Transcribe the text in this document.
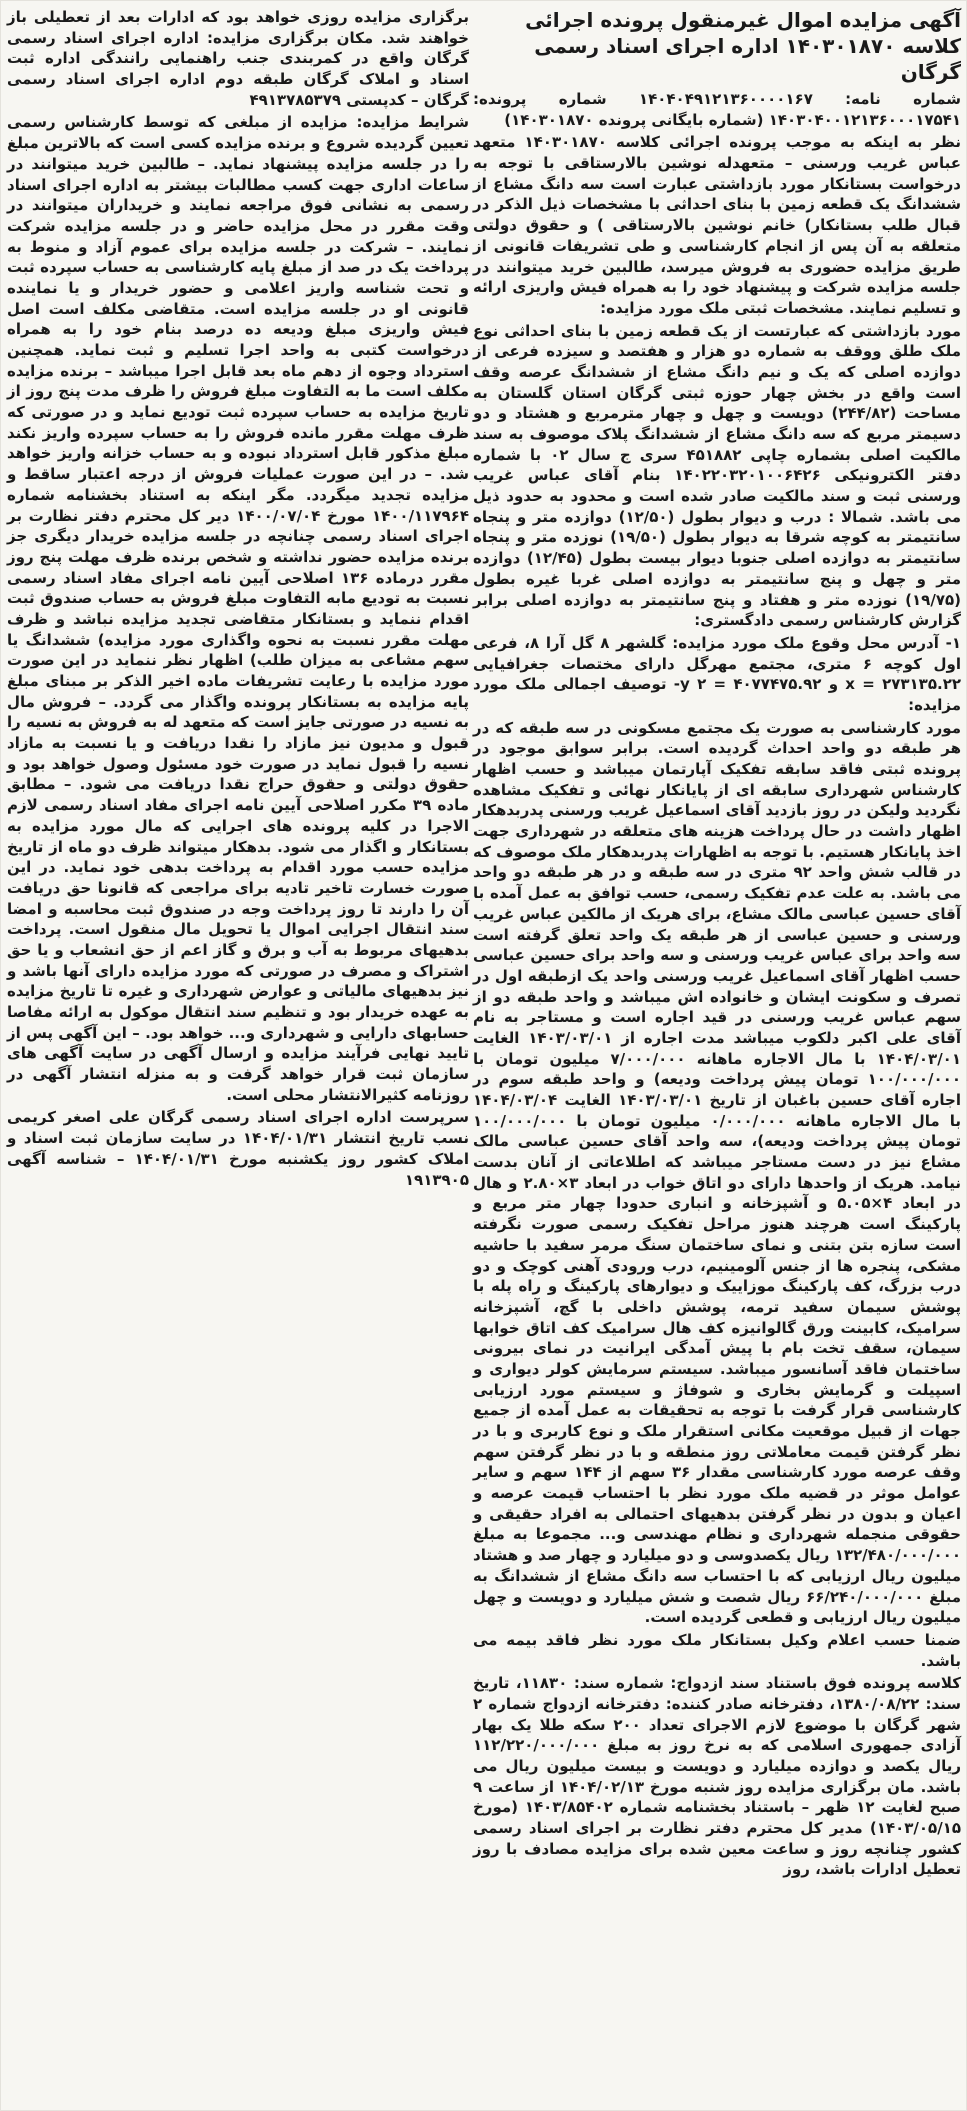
آگهی مزایده اموال غیرمنقول پرونده اجرائی کلاسه ۱۴۰۳۰۱۸۷۰ اداره اجرای اسناد رسمی گرگان

شماره نامه: ۱۴۰۴۰۴۹۱۲۱۳۶۰۰۰۰۱۶۷ شماره پرونده: ۱۴۰۳۰۴۰۰۱۲۱۳۶۰۰۰۱۷۵۴۱ (شماره بایگانی پرونده ۱۴۰۳۰۱۸۷۰)

نظر به اینکه به موجب پرونده اجرائی کلاسه ۱۴۰۳۰۱۸۷۰ متعهد عباس غریب ورسنی – متعهدله نوشین بالارستاقی با توجه به درخواست بستانکار مورد بازداشتی عبارت است سه دانگ مشاع از ششدانگ یک قطعه زمین با بنای احداثی با مشخصات ذیل الذکر در قبال طلب بستانکار) خانم نوشین بالارستاقی ) و حقوق دولتی متعلقه به آن پس از انجام کارشناسی و طی تشریفات قانونی از طریق مزایده حضوری به فروش میرسد، طالبین خرید میتوانند در جلسه مزایده شرکت و پیشنهاد خود را به همراه فیش واریزی ارائه و تسلیم نمایند. مشخصات ثبتی ملک مورد مزایده:

مورد بازداشتی که عبارتست از یک قطعه زمین با بنای احداثی نوع ملک طلق ووقف به شماره دو هزار و هفتصد و سیزده فرعی از دوازده اصلی که یک و نیم دانگ مشاع از ششدانگ عرصه وقف است واقع در بخش چهار حوزه ثبتی گرگان استان گلستان به مساحت (۲۴۴/۸۲) دویست و چهل و چهار مترمربع و هشتاد و دو دسیمتر مربع که سه دانگ مشاع از ششدانگ پلاک موصوف به سند مالکیت اصلی بشماره چاپی ۴۵۱۸۸۲ سری ج سال ۰۲ با شماره دفتر الکترونیکی ۱۴۰۲۲۰۳۲۰۱۰۰۶۴۲۶ بنام آقای عباس غریب ورسنی ثبت و سند مالکیت صادر شده است و محدود به حدود ذیل می باشد. شمالا : درب و دیوار بطول (۱۲/۵۰) دوازده متر و پنجاه سانتیمتر به کوچه شرقا به دیوار بطول (۱۹/۵۰) نوزده متر و پنجاه سانتیمتر به دوازده اصلی جنوبا دیوار بیست بطول (۱۲/۴۵) دوازده متر و چهل و پنج سانتیمتر به دوازده اصلی غربا غیره بطول (۱۹/۷۵) نوزده متر و هفتاد و پنج سانتیمتر به دوازده اصلی برابر گزارش کارشناس رسمی دادگستری:

۱- آدرس محل وقوع ملک مورد مزایده: گلشهر ۸ گل آرا ۸، فرعی اول کوچه ۶ متری، مجتمع مهرگل دارای مختصات جغرافیایی ۲۷۳۱۳۵.۲۲ = x و ۴۰۷۷۴۷۵.۹۲ = y ۲- توصیف اجمالی ملک مورد مزایده:

مورد کارشناسی به صورت یک مجتمع مسکونی در سه طبقه که در هر طبقه دو واحد احداث گردیده است. برابر سوابق موجود در پرونده ثبتی فاقد سابقه تفکیک آپارتمان میباشد و حسب اظهار کارشناس شهرداری سابقه ای از پایانکار نهائی و تفکیک مشاهده نگردید ولیکن در روز بازدید آقای اسماعیل غریب ورسنی پدربدهکار اظهار داشت در حال پرداخت هزینه های متعلقه در شهرداری جهت اخذ پایانکار هستیم. با توجه به اظهارات پدربدهکار ملک موصوف که در قالب شش واحد ۹۲ متری در سه طبقه و در هر طبقه دو واحد می باشد. به علت عدم تفکیک رسمی، حسب توافق به عمل آمده با آقای حسین عباسی مالک مشاع، برای هریک از مالکین عباس غریب ورسنی و حسین عباسی از هر طبقه یک واحد تعلق گرفته است سه واحد برای عباس غریب ورسنی و سه واحد برای حسین عباسی حسب اظهار آقای اسماعیل غریب ورسنی واحد یک ازطبقه اول در تصرف و سکونت ایشان و خانواده اش میباشد و واحد طبقه دو از سهم عباس غریب ورسنی در قید اجاره است و مستاجر به نام آقای علی اکبر دلکوب میباشد مدت اجاره از ۱۴۰۳/۰۳/۰۱ الغایت ۱۴۰۴/۰۳/۰۱ با مال الاجاره ماهانه ۷/۰۰۰/۰۰۰ میلیون تومان با ۱۰۰/۰۰۰/۰۰۰ تومان پیش پرداخت ودیعه) و واحد طبقه سوم در اجاره آقای حسین باغبان از تاریخ ۱۴۰۳/۰۳/۰۱ الغایت ۱۴۰۴/۰۳/۰۴ با مال الاجاره ماهانه ۰/۰۰۰/۰۰۰ میلیون تومان با ۱۰۰/۰۰۰/۰۰۰ تومان پیش پرداخت ودیعه)، سه واحد آقای حسین عباسی مالک مشاع نیز در دست مستاجر میباشد که اطلاعاتی از آنان بدست نیامد. هریک از واحدها دارای دو اتاق خواب در ابعاد ۳×۲.۸۰ و هال در ابعاد ۴×۵.۰۵ و آشپزخانه و انباری حدودا چهار متر مربع و پارکینگ است هرچند هنوز مراحل تفکیک رسمی صورت نگرفته است سازه بتن بتنی و نمای ساختمان سنگ مرمر سفید با حاشیه مشکی، پنجره ها از جنس آلومینیم، درب ورودی آهنی کوچک و دو درب بزرگ، کف پارکینگ موزاییک و دیوارهای پارکینگ و راه پله با پوشش سیمان سفید ترمه، پوشش داخلی با گچ، آشپزخانه سرامیک، کابینت ورق گالوانیزه کف هال سرامیک کف اتاق خوابها سیمان، سقف تخت بام با پیش آمدگی ایرانیت در نمای بیرونی ساختمان فاقد آسانسور میباشد. سیستم سرمایش کولر دیواری و اسپیلت و گرمایش بخاری و شوفاژ و سیستم مورد ارزیابی کارشناسی قرار گرفت با توجه به تحقیقات به عمل آمده از جمیع جهات از قبیل موقعیت مکانی استقرار ملک و نوع کاربری و با در نظر گرفتن قیمت معاملاتی روز منطقه و با در نظر گرفتن سهم وقف عرصه مورد کارشناسی مقدار ۳۶ سهم از ۱۴۴ سهم و سایر عوامل موثر در قضیه ملک مورد نظر با احتساب قیمت عرصه و اعیان و بدون در نظر گرفتن بدهیهای احتمالی به افراد حقیقی و حقوقی منجمله شهرداری و نظام مهندسی و... مجموعا به مبلغ ۱۳۲/۴۸۰/۰۰۰/۰۰۰ ریال یکصدوسی و دو میلیارد و چهار صد و هشتاد میلیون ریال ارزیابی که با احتساب سه دانگ مشاع از ششدانگ به مبلغ ۶۶/۲۴۰/۰۰۰/۰۰۰ ریال شصت و شش میلیارد و دویست و چهل میلیون ریال ارزیابی و قطعی گردیده است.

ضمنا حسب اعلام وکیل بستانکار ملک مورد نظر فاقد بیمه می باشد.

کلاسه پرونده فوق باستناد سند ازدواج: شماره سند: ۱۱۸۳۰، تاریخ سند: ۱۳۸۰/۰۸/۲۲، دفترخانه صادر کننده: دفترخانه ازدواج شماره ۲ شهر گرگان با موضوع لازم الاجرای تعداد ۲۰۰ سکه طلا یک بهار آزادی جمهوری اسلامی که به نرخ روز به مبلغ ۱۱۲/۲۲۰/۰۰۰/۰۰۰ ریال یکصد و دوازده میلیارد و دویست و بیست میلیون ریال می باشد. مان برگزاری مزایده روز شنبه مورخ ۱۴۰۴/۰۲/۱۳ از ساعت ۹ صبح لغایت ۱۲ ظهر – باستناد بخشنامه شماره ۱۴۰۳/۸۵۴۰۲ (مورخ ۱۴۰۳/۰۵/۱۵) مدیر کل محترم دفتر نظارت بر اجرای اسناد رسمی کشور چنانچه روز و ساعت معین شده برای مزایده مصادف با روز تعطیل ادارات باشد، روز

برگزاری مزایده روزی خواهد بود که ادارات بعد از تعطیلی باز خواهند شد. مکان برگزاری مزایده: اداره اجرای اسناد رسمی گرگان واقع در کمربندی جنب راهنمایی رانندگی اداره ثبت اسناد و املاک گرگان طبقه دوم اداره اجرای اسناد رسمی گرگان – کدپستی ۴۹۱۳۷۸۵۳۷۹

شرایط مزایده: مزایده از مبلغی که توسط کارشناس رسمی تعیین گردیده شروع و برنده مزایده کسی است که بالاترین مبلغ را در جلسه مزایده پیشنهاد نماید. – طالبین خرید میتوانند در ساعات اداری جهت کسب مطالبات بیشتر به اداره اجرای اسناد رسمی به نشانی فوق مراجعه نمایند و خریداران میتوانند در وقت مقرر در محل مزایده حاضر و در جلسه مزایده شرکت نمایند. – شرکت در جلسه مزایده برای عموم آزاد و منوط به پرداخت یک در صد از مبلغ پایه کارشناسی به حساب سپرده ثبت و تحت شناسه واریز اعلامی و حضور خریدار و یا نماینده قانونی او در جلسه مزایده است. متقاضی مکلف است اصل فیش واریزی مبلغ ودیعه ده درصد بنام خود را به همراه درخواست کتبی به واحد اجرا تسلیم و ثبت نماید. همچنین استرداد وجوه از دهم ماه بعد قابل اجرا میباشد – برنده مزایده مکلف است ما به التفاوت مبلغ فروش را ظرف مدت پنج روز از تاریخ مزایده به حساب سپرده ثبت تودیع نماید و در صورتی که ظرف مهلت مقرر مانده فروش را به حساب سپرده واریز نکند مبلغ مذکور قابل استرداد نبوده و به حساب خزانه واریز خواهد شد. – در این صورت عملیات فروش از درجه اعتبار ساقط و مزایده تجدید میگردد. مگر اینکه به استناد بخشنامه شماره ۱۴۰۰/۱۱۷۹۶۴ مورخ ۱۴۰۰/۰۷/۰۴ دیر کل محترم دفتر نظارت بر اجرای اسناد رسمی چنانچه در جلسه مزایده خریدار دیگری جز برنده مزایده حضور نداشته و شخص برنده ظرف مهلت پنج روز مقرر درماده ۱۳۶ اصلاحی آیین نامه اجرای مفاد اسناد رسمی نسبت به تودیع مابه التفاوت مبلغ فروش به حساب صندوق ثبت اقدام ننماید و بستانکار متقاضی تجدید مزایده نباشد و ظرف مهلت مقرر نسبت به نحوه واگذاری مورد مزایده) ششدانگ یا سهم مشاعی به میزان طلب) اظهار نظر ننماید در این صورت مورد مزایده با رعایت تشریفات ماده اخیر الذکر بر مبنای مبلغ پایه مزایده به بستانکار پرونده واگذار می گردد. – فروش مال به نسیه در صورتی جایز است که متعهد له به فروش به نسیه را قبول و مدیون نیز مازاد را نقدا دریافت و یا نسبت به مازاد نسیه را قبول نماید در صورت خود مسئول وصول خواهد بود و حقوق دولتی و حقوق حراج نقدا دریافت می شود. – مطابق ماده ۳۹ مکرر اصلاحی آیین نامه اجرای مفاد اسناد رسمی لازم الاجرا در کلیه پرونده های اجرایی که مال مورد مزایده به بستانکار و اگذار می شود. بدهکار میتواند ظرف دو ماه از تاریخ مزایده حسب مورد اقدام به پرداخت بدهی خود نماید. در این صورت خسارت تاخیر تادیه برای مراجعی که قانونا حق دریافت آن را دارند تا روز پرداخت وجه در صندوق ثبت محاسبه و امضا سند انتقال اجرایی اموال یا تحویل مال منقول است. پرداخت بدهیهای مربوط به آب و برق و گاز اعم از حق انشعاب و یا حق اشتراک و مصرف در صورتی که مورد مزایده دارای آنها باشد و نیز بدهیهای مالیاتی و عوارض شهرداری و غیره تا تاریخ مزایده به عهده خریدار بود و تنظیم سند انتقال موکول به ارائه مفاصا حسابهای دارایی و شهرداری و... خواهد بود. – این آگهی پس از تایید نهایی فرآیند مزایده و ارسال آگهی در سایت آگهی های سازمان ثبت قرار خواهد گرفت و به منزله انتشار آگهی در روزنامه کثیرالانتشار محلی است.

سرپرست اداره اجرای اسناد رسمی گرگان علی اصغر کریمی نسب تاریخ انتشار ۱۴۰۴/۰۱/۳۱ در سایت سازمان ثبت اسناد و املاک کشور روز یکشنبه مورخ ۱۴۰۴/۰۱/۳۱ – شناسه آگهی ۱۹۱۳۹۰۵
